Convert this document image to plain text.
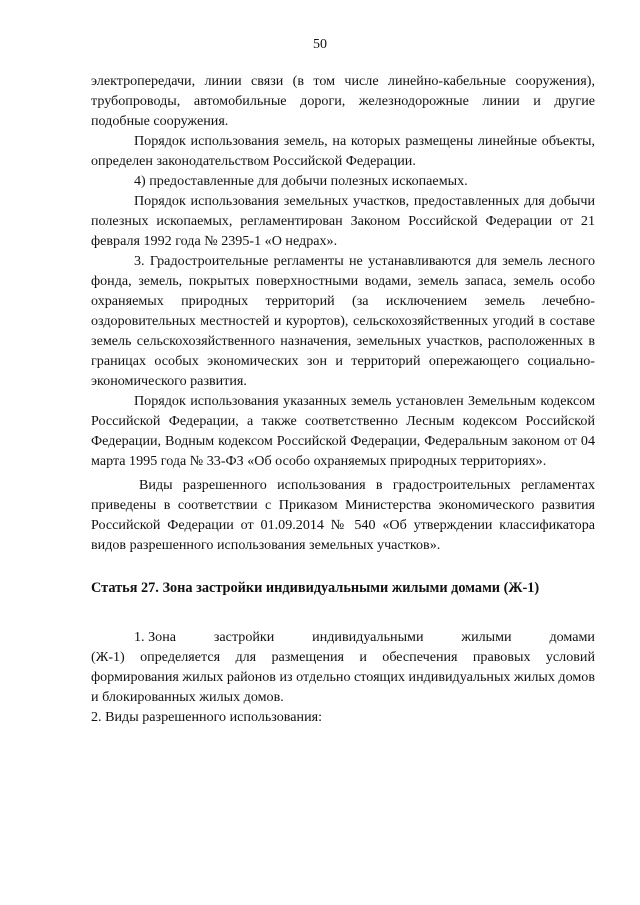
50

электропередачи, линии связи (в том числе линейно-кабельные сооружения), трубопроводы, автомобильные дороги, железнодорожные линии и другие подобные сооружения.

Порядок использования земель, на которых размещены линейные объекты, определен законодательством Российской Федерации.

4) предоставленные для добычи полезных ископаемых.

Порядок использования земельных участков, предоставленных для добычи полезных ископаемых, регламентирован Законом Российской Федерации от 21 февраля 1992 года № 2395-1 «О недрах».

3. Градостроительные регламенты не устанавливаются для земель лесного фонда, земель, покрытых поверхностными водами, земель запаса, земель особо охраняемых природных территорий (за исключением земель лечебно-оздоровительных местностей и курортов), сельскохозяйственных угодий в составе земель сельскохозяйственного назначения, земельных участков, расположенных в границах особых экономических зон и территорий опережающего социально-экономического развития.

Порядок использования указанных земель установлен Земельным кодексом Российской Федерации, а также соответственно Лесным кодексом Российской Федерации, Водным кодексом Российской Федерации, Федеральным законом от 04 марта 1995 года № 33-ФЗ «Об особо охраняемых природных территориях».

Виды разрешенного использования в градостроительных регламентах приведены в соответствии с Приказом Министерства экономического развития Российской Федерации от 01.09.2014 № 540 «Об утверждении классификатора видов разрешенного использования земельных участков».

Статья 27. Зона застройки индивидуальными жилыми домами (Ж-1)

1. Зона	застройки	индивидуальными	жилыми	домами

(Ж-1) определяется для размещения и обеспечения правовых условий формирования жилых районов из отдельно стоящих индивидуальных жилых домов и блокированных жилых домов.

2. Виды разрешенного использования:
